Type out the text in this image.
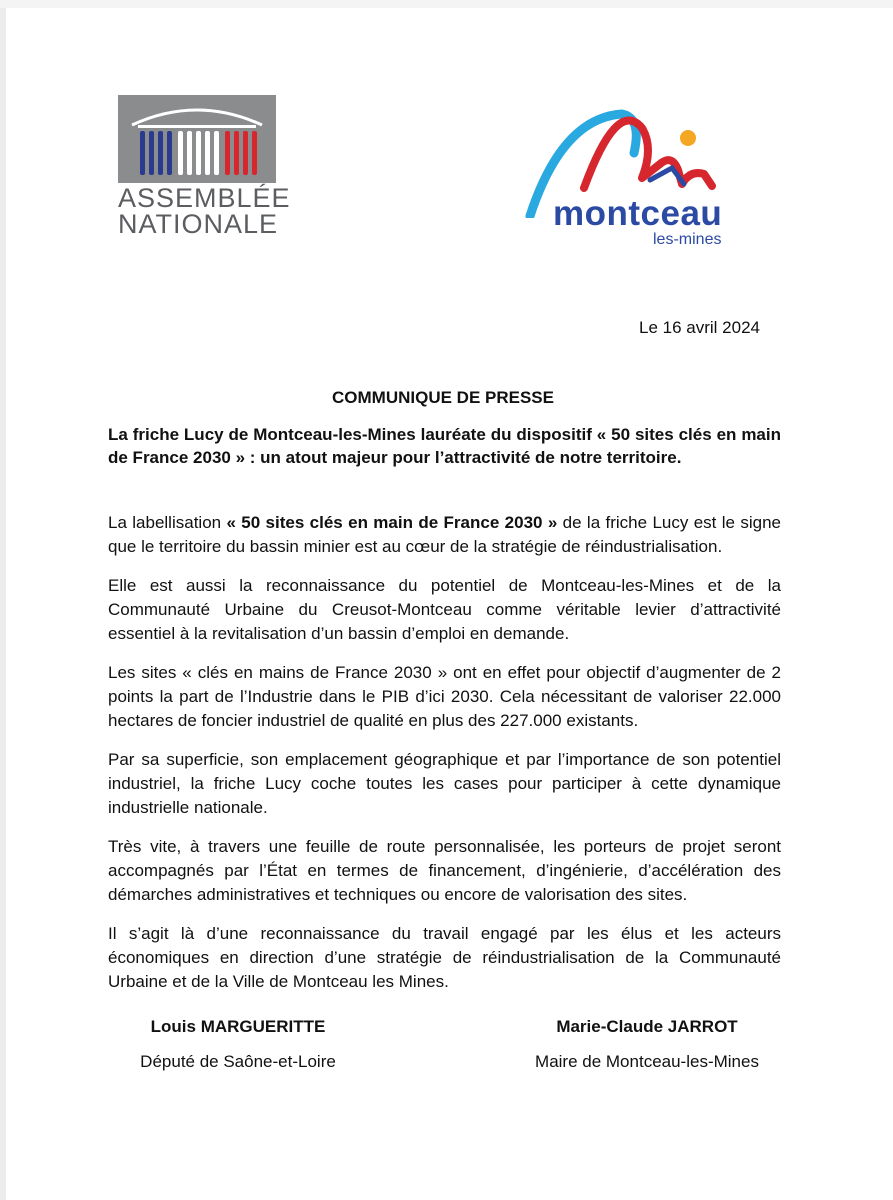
ASSEMBLÉE
NATIONALE	montceau
les-mines
Le 16 avril 2024
COMMUNIQUE DE PRESSE
La friche Lucy de Montceau-les-Mines lauréate du dispositif « 50 sites clés en main de France 2030 » : un atout majeur pour l’attractivité de notre territoire.

La labellisation « 50 sites clés en main de France 2030 » de la friche Lucy est le signe que le territoire du bassin minier est au cœur de la stratégie de réindustrialisation.

Elle est aussi la reconnaissance du potentiel de Montceau-les-Mines et de la Communauté Urbaine du Creusot-Montceau comme véritable levier d’attractivité essentiel à la revitalisation d’un bassin d’emploi en demande.

Les sites « clés en mains de France 2030 » ont en effet pour objectif d’augmenter de 2 points la part de l’Industrie dans le PIB d’ici 2030. Cela nécessitant de valoriser 22.000 hectares de foncier industriel de qualité en plus des 227.000 existants.

Par sa superficie, son emplacement géographique et par l’importance de son potentiel industriel, la friche Lucy coche toutes les cases pour participer à cette dynamique industrielle nationale.

Très vite, à travers une feuille de route personnalisée, les porteurs de projet seront accompagnés par l’État en termes de financement, d’ingénierie, d’accélération des démarches administratives et techniques ou encore de valorisation des sites.

Il s’agit là d’une reconnaissance du travail engagé par les élus et les acteurs économiques en direction d’une stratégie de réindustrialisation de la Communauté Urbaine et de la Ville de Montceau les Mines.

Louis MARGUERITTE
Député de Saône-et-Loire
Marie-Claude JARROT
Maire de Montceau-les-Mines
